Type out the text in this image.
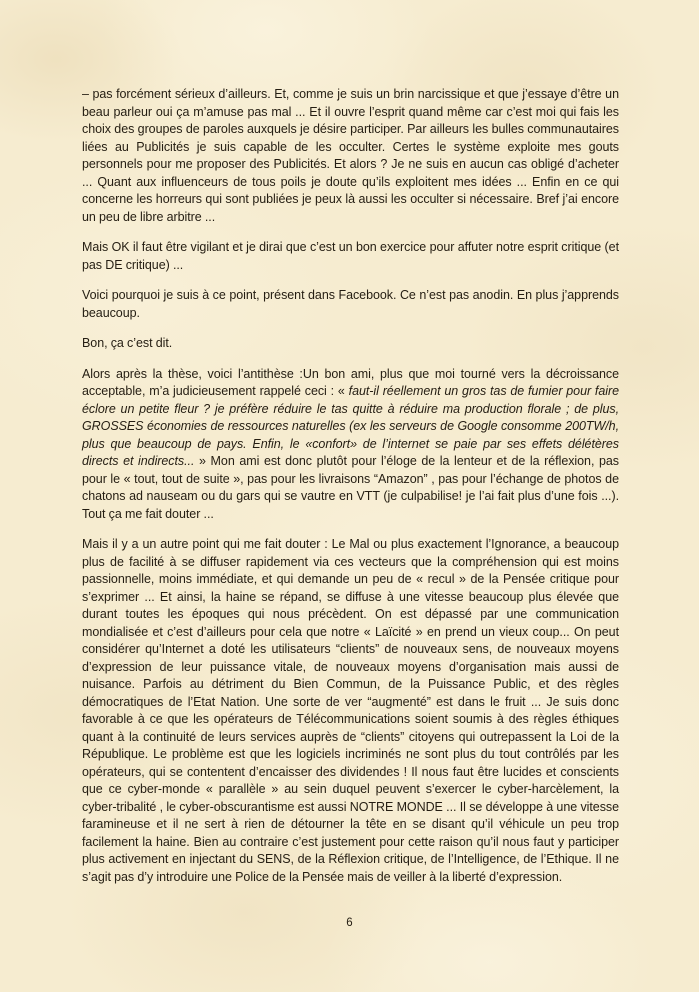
– pas forcément sérieux d’ailleurs. Et, comme je suis un brin narcissique et que j’essaye d’être un beau parleur oui ça m’amuse pas mal ... Et il ouvre l’esprit quand même car c’est moi qui fais les choix des groupes de paroles auxquels je désire participer. Par ailleurs les bulles communautaires liées au Publicités je suis capable de les occulter. Certes le système exploite mes gouts personnels pour me proposer des Publicités. Et alors ? Je ne suis en aucun cas obligé d’acheter ... Quant aux influenceurs de tous poils je doute qu’ils exploitent mes idées ... Enfin en ce qui concerne les horreurs qui sont publiées je peux là aussi les occulter si nécessaire. Bref j’ai encore un peu de libre arbitre ...

Mais OK il faut être vigilant et je dirai que c’est un bon exercice pour affuter notre esprit critique (et pas DE critique) ...

Voici pourquoi je suis à ce point, présent dans Facebook. Ce n’est pas anodin. En plus j’apprends beaucoup.

Bon, ça c’est dit.

Alors après la thèse, voici l’antithèse :Un bon ami, plus que moi tourné vers la décroissance acceptable, m’a judicieusement rappelé ceci : « faut-il réellement un gros tas de fumier pour faire éclore un petite fleur ? je préfère réduire le tas quitte à réduire ma production florale ; de plus, GROSSES économies de ressources naturelles (ex les serveurs de Google consomme 200TW/h, plus que beaucoup de pays. Enfin, le «confort» de l’internet se paie par ses effets délétères directs et indirects... » Mon ami est donc plutôt pour l’éloge de la lenteur et de la réflexion, pas pour le « tout, tout de suite », pas pour les livraisons “Amazon” , pas pour l’échange de photos de chatons ad nauseam ou du gars qui se vautre en VTT (je culpabilise! je l’ai fait plus d’une fois ...). Tout ça me fait douter ...

Mais il y a un autre point qui me fait douter : Le Mal ou plus exactement l’Ignorance, a beaucoup plus de facilité à se diffuser rapidement via ces vecteurs que la compréhension qui est moins passionnelle, moins immédiate, et qui demande un peu de « recul » de la Pensée critique pour s’exprimer ... Et ainsi, la haine se répand, se diffuse à une vitesse beaucoup plus élevée que durant toutes les époques qui nous précèdent. On est dépassé par une communication mondialisée et c’est d’ailleurs pour cela que notre « Laïcité » en prend un vieux coup... On peut considérer qu’Internet a doté les utilisateurs “clients” de nouveaux sens, de nouveaux moyens d’expression de leur puissance vitale, de nouveaux moyens d’organisation mais aussi de nuisance. Parfois au détriment du Bien Commun, de la Puissance Public, et des règles démocratiques de l’Etat Nation. Une sorte de ver “augmenté” est dans le fruit ... Je suis donc favorable à ce que les opérateurs de Télécommunications soient soumis à des règles éthiques quant à la continuité de leurs services auprès de “clients” citoyens qui outrepassent la Loi de la République. Le problème est que les logiciels incriminés ne sont plus du tout contrôlés par les opérateurs, qui se contentent d’encaisser des dividendes ! Il nous faut être lucides et conscients que ce cyber-monde « parallèle » au sein duquel peuvent s’exercer le cyber-harcèlement, la cyber-tribalité , le cyber-obscurantisme est aussi NOTRE MONDE ... Il se développe à une vitesse faramineuse et il ne sert à rien de détourner la tête en se disant qu’il véhicule un peu trop facilement la haine. Bien au contraire c’est justement pour cette raison qu’il nous faut y participer plus activement en injectant du SENS, de la Réflexion critique, de l’Intelligence, de l’Ethique. Il ne s’agit pas d’y introduire une Police de la Pensée mais de veiller à la liberté d’expression.

6
